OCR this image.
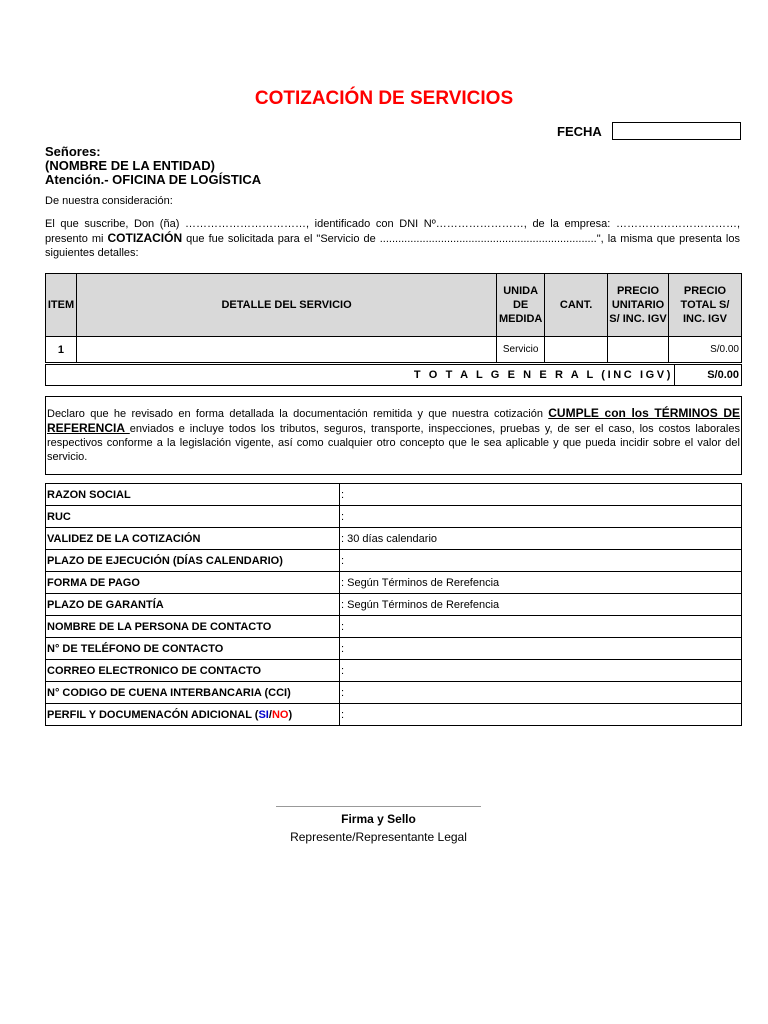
COTIZACIÓN DE SERVICIOS
FECHA
Señores:
(NOMBRE DE LA ENTIDAD)
Atención.- OFICINA DE LOGÍSTICA
De nuestra consideración:
El que suscribe, Don (ña) ……………………………, identificado con DNI Nº……………………, de la empresa: ……………………………, presento mi COTIZACIÓN que fue solicitada para el "Servicio de .......................................................................", la misma que presenta los siguientes detalles:
ITEM	DETALLE DEL SERVICIO	UNIDA DE MEDIDA	CANT.	PRECIO UNITARIO S/ INC. IGV	PRECIO TOTAL S/ INC. IGV
1		Servicio			S/0.00
T O T A L G E N E R A L (INC IGV)	S/0.00
Declaro que he revisado en forma detallada la documentación remitida y que nuestra cotización CUMPLE con los TÉRMINOS DE REFERENCIA enviados e incluye todos los tributos, seguros, transporte, inspecciones, pruebas y, de ser el caso, los costos laborales respectivos conforme a la legislación vigente, así como cualquier otro concepto que le sea aplicable y que pueda incidir sobre el valor del servicio.
RAZON SOCIAL	:
RUC	:
VALIDEZ DE LA COTIZACIÓN	: 30 días calendario
PLAZO DE EJECUCIÓN (DÍAS CALENDARIO)	:
FORMA DE PAGO	: Según Términos de Rerefencia
PLAZO DE GARANTÍA	: Según Términos de Rerefencia
NOMBRE DE LA PERSONA DE CONTACTO	:
N° DE TELÉFONO DE CONTACTO	:
CORREO ELECTRONICO DE CONTACTO	:
N° CODIGO DE CUENA INTERBANCARIA (CCI)	:
PERFIL Y DOCUMENACÓN ADICIONAL (SI/NO)	:
Firma y Sello
Represente/Representante Legal
